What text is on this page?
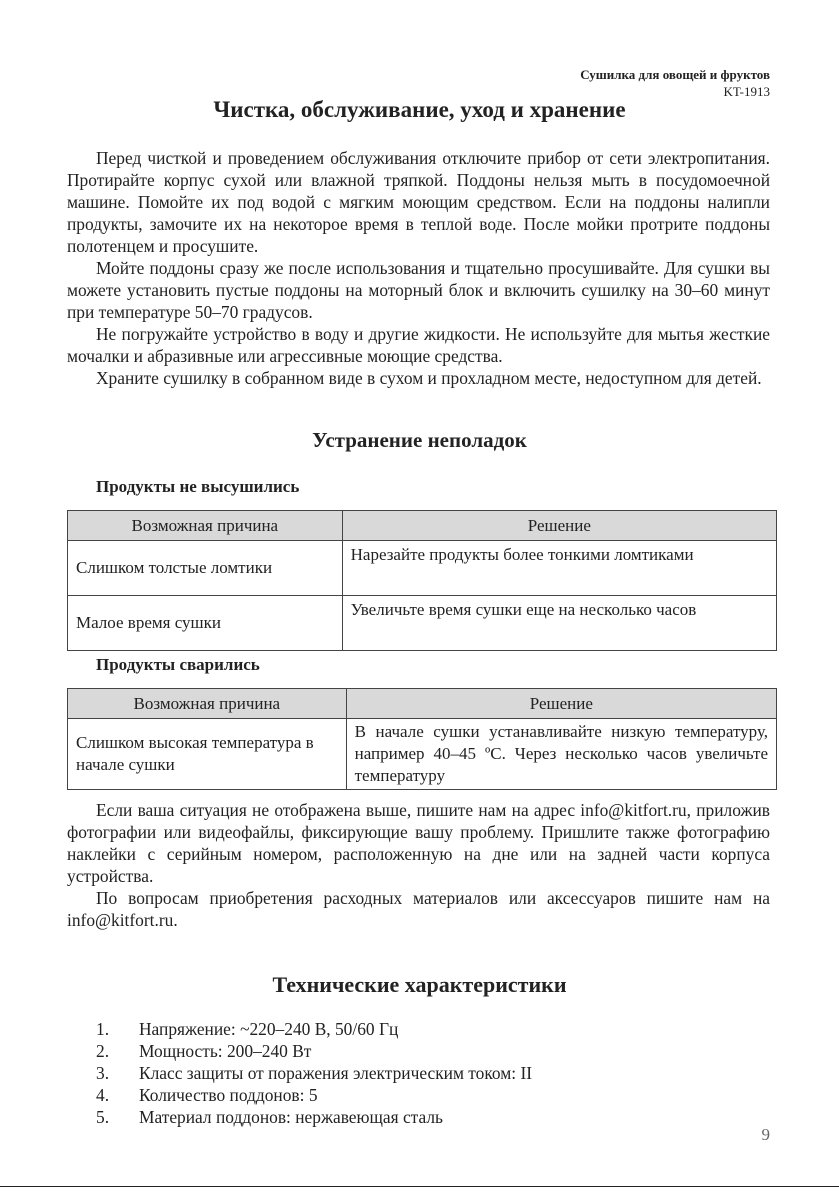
Сушилка для овощей и фруктов
KT-1913
Чистка, обслуживание, уход и хранение

Перед чисткой и проведением обслуживания отключите прибор от сети электропитания. Протирайте корпус сухой или влажной тряпкой. Поддоны нельзя мыть в посудомоечной машине. Помойте их под водой с мягким моющим средством. Если на поддоны налипли продукты, замочите их на некоторое время в теплой воде. После мойки протрите поддоны полотенцем и просушите.

Мойте поддоны сразу же после использования и тщательно просушивайте. Для сушки вы можете установить пустые поддоны на моторный блок и включить сушилку на 30–60 минут при температуре 50–70 градусов.

Не погружайте устройство в воду и другие жидкости. Не используйте для мытья жесткие мочалки и абразивные или агрессивные моющие средства.

Храните сушилку в собранном виде в сухом и прохладном месте, недоступном для детей.

Устранение неполадок
Продукты не высушились
Возможная причина	Решение
Слишком толстые ломтики	Нарезайте продукты более тонкими ломтиками
Малое время сушки	Увеличьте время сушки еще на несколько часов
Продукты сварились
Возможная причина	Решение
Слишком высокая температура в начале сушки	В начале сушки устанавливайте низкую температуру, например 40–45 ºC. Через несколько часов увеличьте температуру

Если ваша ситуация не отображена выше, пишите нам на адрес info@kitfort.ru, приложив фотографии или видеофайлы, фиксирующие вашу проблему. Пришлите также фотографию наклейки с серийным номером, расположенную на дне или на задней части корпуса устройства.

По вопросам приобретения расходных материалов или аксессуаров пишите нам на info@kitfort.ru.

Технические характеристики
1.	Напряжение: ~220–240 В, 50/60 Гц
2.	Мощность: 200–240 Вт
3.	Класс защиты от поражения электрическим током: II
4.	Количество поддонов: 5
5.	Материал поддонов: нержавеющая сталь
9
